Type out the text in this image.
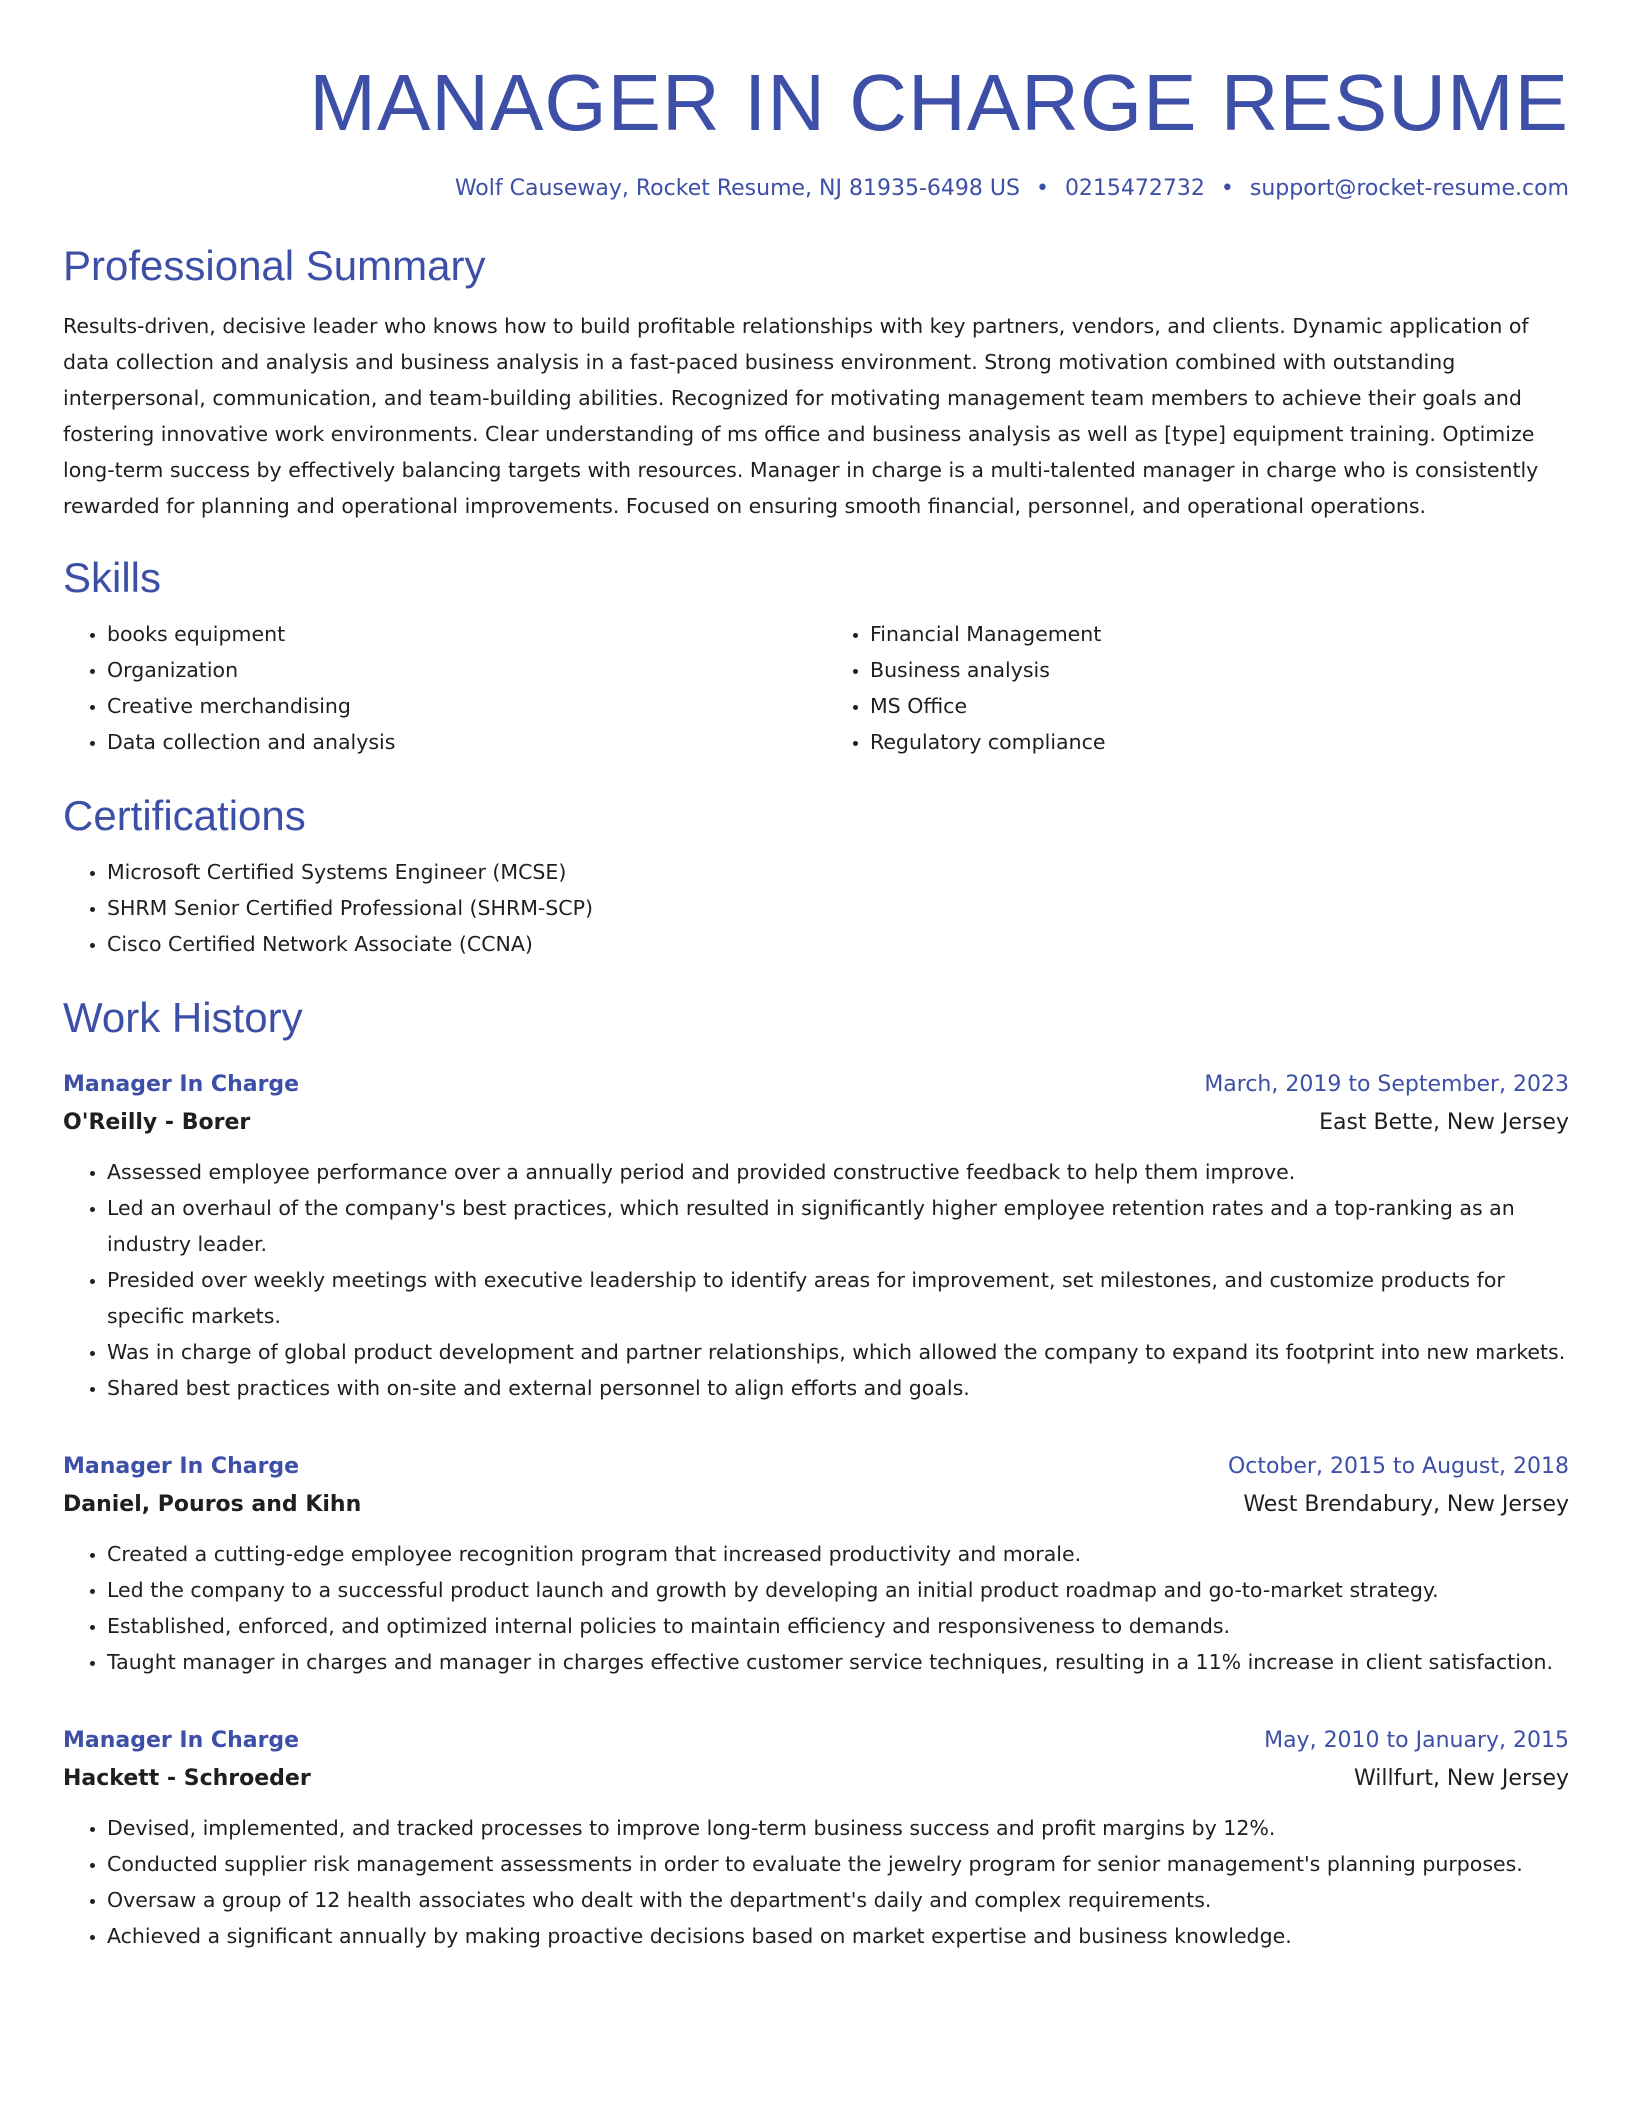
MANAGER IN CHARGE RESUME
Wolf Causeway, Rocket Resume, NJ 81935-6498 US • 0215472732 • support@rocket-resume.com
Professional Summary

Results-driven, decisive leader who knows how to build profitable relationships with key partners, vendors, and clients. Dynamic application of data collection and analysis and business analysis in a fast-paced business environment. Strong motivation combined with outstanding interpersonal, communication, and team-building abilities. Recognized for motivating management team members to achieve their goals and fostering innovative work environments. Clear understanding of ms office and business analysis as well as [type] equipment training. Optimize long-term success by effectively balancing targets with resources. Manager in charge is a multi-talented manager in charge who is consistently rewarded for planning and operational improvements. Focused on ensuring smooth financial, personnel, and operational operations.

Skills
• books equipment
• Organization
• Creative merchandising
• Data collection and analysis
• Financial Management
• Business analysis
• MS Office
• Regulatory compliance
Certifications
• Microsoft Certified Systems Engineer (MCSE)
• SHRM Senior Certified Professional (SHRM-SCP)
• Cisco Certified Network Associate (CCNA)
Work History
Manager In Charge	March, 2019 to September, 2023
O'Reilly - Borer	East Bette, New Jersey
• Assessed employee performance over a annually period and provided constructive feedback to help them improve.
• Led an overhaul of the company's best practices, which resulted in significantly higher employee retention rates and a top-ranking as an industry leader.
• Presided over weekly meetings with executive leadership to identify areas for improvement, set milestones, and customize products for specific markets.
• Was in charge of global product development and partner relationships, which allowed the company to expand its footprint into new markets.
• Shared best practices with on-site and external personnel to align efforts and goals.
Manager In Charge	October, 2015 to August, 2018
Daniel, Pouros and Kihn	West Brendabury, New Jersey
• Created a cutting-edge employee recognition program that increased productivity and morale.
• Led the company to a successful product launch and growth by developing an initial product roadmap and go-to-market strategy.
• Established, enforced, and optimized internal policies to maintain efficiency and responsiveness to demands.
• Taught manager in charges and manager in charges effective customer service techniques, resulting in a 11% increase in client satisfaction.
Manager In Charge	May, 2010 to January, 2015
Hackett - Schroeder	Willfurt, New Jersey
• Devised, implemented, and tracked processes to improve long-term business success and profit margins by 12%.
• Conducted supplier risk management assessments in order to evaluate the jewelry program for senior management's planning purposes.
• Oversaw a group of 12 health associates who dealt with the department's daily and complex requirements.
• Achieved a significant annually by making proactive decisions based on market expertise and business knowledge.
